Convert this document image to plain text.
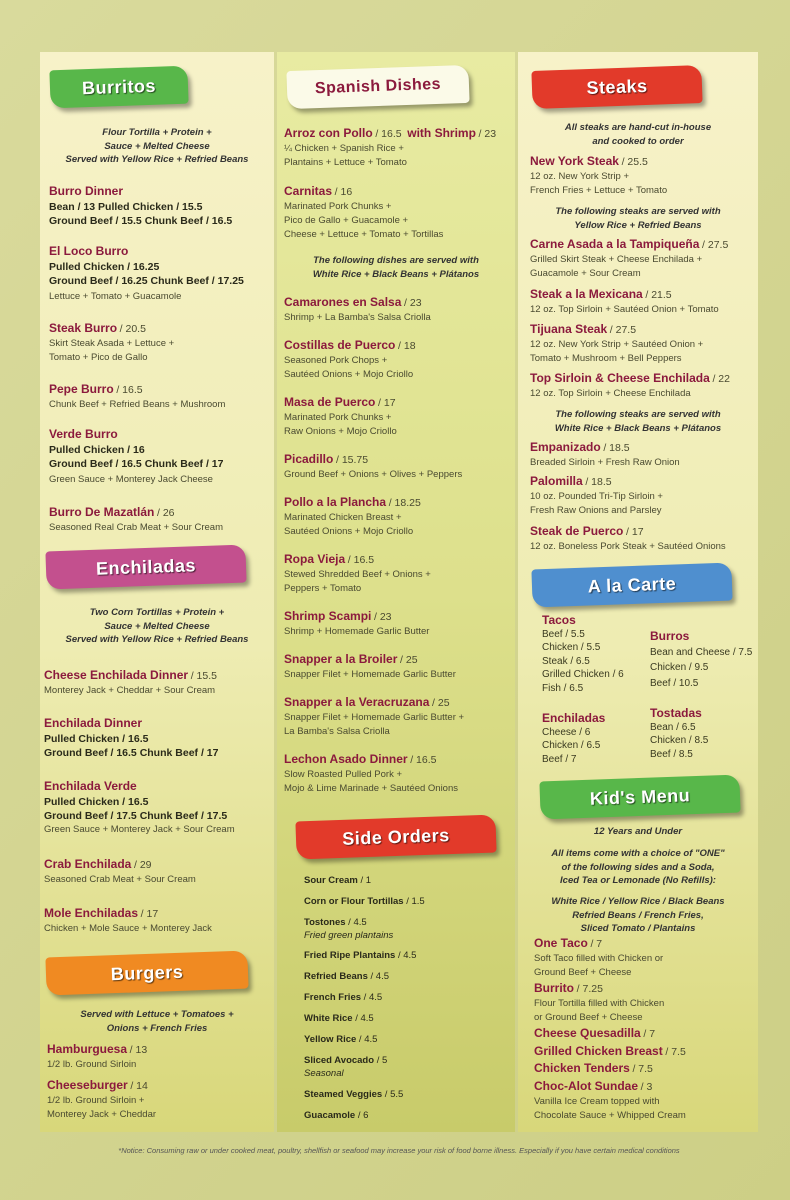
Burritos	Spanish Dishes	Steaks
Enchiladas
A la Carte
Kid's Menu
Burgers
Side Orders
Flour Tortilla + Protein +
Sauce + Melted Cheese
Served with Yellow Rice + Refried Beans
Burro Dinner
Bean / 13 Pulled Chicken / 15.5
Ground Beef / 15.5 Chunk Beef / 16.5
El Loco Burro
Pulled Chicken / 16.25
Ground Beef / 16.25 Chunk Beef / 17.25
Lettuce + Tomato + Guacamole
Steak Burro / 20.5
Skirt Steak Asada + Lettuce +
Tomato + Pico de Gallo
Pepe Burro / 16.5
Chunk Beef + Refried Beans + Mushroom
Verde Burro
Pulled Chicken / 16
Ground Beef / 16.5 Chunk Beef / 17
Green Sauce + Monterey Jack Cheese
Burro De Mazatlán / 26
Seasoned Real Crab Meat + Sour Cream
Two Corn Tortillas + Protein +
Sauce + Melted Cheese
Served with Yellow Rice + Refried Beans
Cheese Enchilada Dinner / 15.5
Monterey Jack + Cheddar + Sour Cream
Enchilada Dinner
Pulled Chicken / 16.5
Ground Beef / 16.5 Chunk Beef / 17
Enchilada Verde
Pulled Chicken / 16.5
Ground Beef / 17.5 Chunk Beef / 17.5
Green Sauce + Monterey Jack + Sour Cream
Crab Enchilada / 29
Seasoned Crab Meat + Sour Cream
Mole Enchiladas / 17
Chicken + Mole Sauce + Monterey Jack
Served with Lettuce + Tomatoes +
Onions + French Fries
Hamburguesa / 13
1/2 lb. Ground Sirloin
Cheeseburger / 14
1/2 lb. Ground Sirloin +
Monterey Jack + Cheddar
Arroz con Pollo / 16.5 with Shrimp / 23
¼ Chicken + Spanish Rice +
Plantains + Lettuce + Tomato
Carnitas / 16
Marinated Pork Chunks +
Pico de Gallo + Guacamole +
Cheese + Lettuce + Tomato + Tortillas
The following dishes are served with
White Rice + Black Beans + Plátanos
Camarones en Salsa / 23
Shrimp + La Bamba's Salsa Criolla
Costillas de Puerco / 18
Seasoned Pork Chops +
Sautéed Onions + Mojo Criollo
Masa de Puerco / 17
Marinated Pork Chunks +
Raw Onions + Mojo Criollo
Picadillo / 15.75
Ground Beef + Onions + Olives + Peppers
Pollo a la Plancha / 18.25
Marinated Chicken Breast +
Sautéed Onions + Mojo Criollo
Ropa Vieja / 16.5
Stewed Shredded Beef + Onions +
Peppers + Tomato
Shrimp Scampi / 23
Shrimp + Homemade Garlic Butter
Snapper a la Broiler / 25
Snapper Filet + Homemade Garlic Butter
Snapper a la Veracruzana / 25
Snapper Filet + Homemade Garlic Butter +
La Bamba's Salsa Criolla
Lechon Asado Dinner / 16.5
Slow Roasted Pulled Pork +
Mojo & Lime Marinade + Sautéed Onions
Sour Cream / 1
Corn or Flour Tortillas / 1.5
Tostones / 4.5
Fried green plantains
Fried Ripe Plantains / 4.5
Refried Beans / 4.5
French Fries / 4.5
White Rice / 4.5
Yellow Rice / 4.5
Sliced Avocado / 5
Seasonal
Steamed Veggies / 5.5
Guacamole / 6
All steaks are hand-cut in-house
and cooked to order
New York Steak / 25.5
12 oz. New York Strip +
French Fries + Lettuce + Tomato
The following steaks are served with
Yellow Rice + Refried Beans
Carne Asada a la Tampiqueña / 27.5
Grilled Skirt Steak + Cheese Enchilada +
Guacamole + Sour Cream
Steak a la Mexicana / 21.5
12 oz. Top Sirloin + Sautéed Onion + Tomato
Tijuana Steak / 27.5
12 oz. New York Strip + Sautéed Onion +
Tomato + Mushroom + Bell Peppers
Top Sirloin & Cheese Enchilada / 22
12 oz. Top Sirloin + Cheese Enchilada
The following steaks are served with
White Rice + Black Beans + Plátanos
Empanizado / 18.5
Breaded Sirloin + Fresh Raw Onion
Palomilla / 18.5
10 oz. Pounded Tri-Tip Sirloin +
Fresh Raw Onions and Parsley
Steak de Puerco / 17
12 oz. Boneless Pork Steak + Sautéed Onions
Tacos
Beef / 5.5
Chicken / 5.5
Steak / 6.5
Grilled Chicken / 6
Fish / 6.5
Burros
Bean and Cheese / 7.5
Chicken / 9.5
Beef / 10.5
Enchiladas
Cheese / 6
Chicken / 6.5
Beef / 7
Tostadas
Bean / 6.5
Chicken / 8.5
Beef / 8.5
12 Years and Under
All items come with a choice of "ONE"
of the following sides and a Soda,
Iced Tea or Lemonade (No Refills):
White Rice / Yellow Rice / Black Beans
Refried Beans / French Fries,
Sliced Tomato / Plantains
One Taco / 7
Soft Taco filled with Chicken or
Ground Beef + Cheese
Burrito / 7.25
Flour Tortilla filled with Chicken
or Ground Beef + Cheese
Cheese Quesadilla / 7
Grilled Chicken Breast / 7.5
Chicken Tenders / 7.5
Choc-Alot Sundae / 3
Vanilla Ice Cream topped with
Chocolate Sauce + Whipped Cream
*Notice: Consuming raw or under cooked meat, poultry, shellfish or seafood may increase your risk of food borne illness. Especially if you have certain medical conditions
